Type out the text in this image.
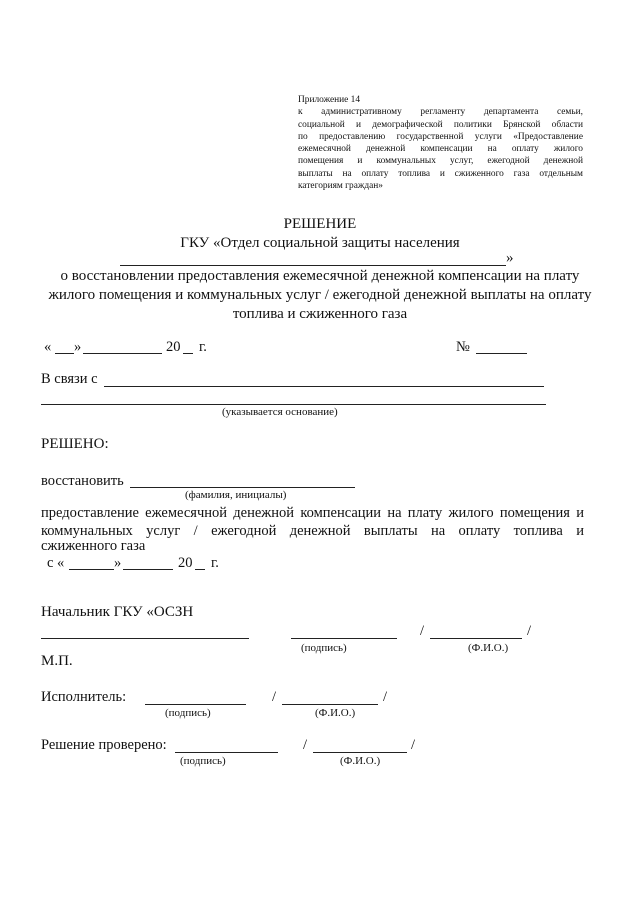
Приложение 14
к административному регламенту департамента семьи,
социальной и демографической политики Брянской области
по предоставлению государственной услуги «Предоставление
ежемесячной денежной компенсации на оплату жилого
помещения и коммунальных услуг, ежегодной денежной
выплаты на оплату топлива и сжиженного газа отдельным
категориям граждан»
РЕШЕНИЕ
ГКУ «Отдел социальной защиты населения
»
о восстановлении предоставления ежемесячной денежной компенсации на плату
жилого помещения и коммунальных услуг / ежегодной денежной выплаты на оплату
топлива и сжиженного газа
« »	20 г.	№
В связи с
(указывается основание)
РЕШЕНО:
восстановить
(фамилия, инициалы)
предоставление ежемесячной денежной компенсации на плату жилого помещения и
коммунальных услуг / ежегодной денежной выплаты на оплату топлива и
сжиженного газа
с «	»	20 г.
Начальник ГКУ «ОСЗН
/	/
(подпись)	(Ф.И.О.)
М.П.
Исполнитель:	/	/
(подпись)	(Ф.И.О.)
Решение проверено:	/	/
(подпись)	(Ф.И.О.)
